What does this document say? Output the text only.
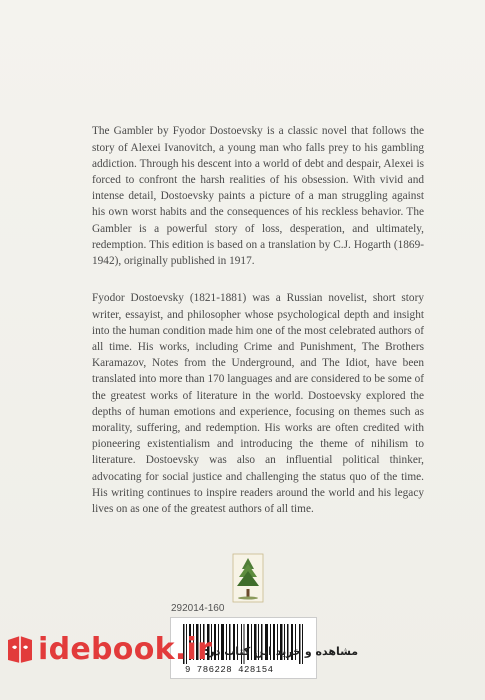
The Gambler by Fyodor Dostoevsky is a classic novel that follows the story of Alexei Ivanovitch, a young man who falls prey to his gambling addiction. Through his descent into a world of debt and despair, Alexei is forced to confront the harsh realities of his obsession. With vivid and intense detail, Dostoevsky paints a picture of a man struggling against his own worst habits and the consequences of his reckless behavior. The Gambler is a powerful story of loss, desperation, and ultimately, redemption. This edition is based on a translation by C.J. Hogarth (1869-1942), originally published in 1917.

Fyodor Dostoevsky (1821-1881) was a Russian novelist, short story writer, essayist, and philosopher whose psychological depth and insight into the human condition made him one of the most celebrated authors of all time. His works, including Crime and Punishment, The Brothers Karamazov, Notes from the Underground, and The Idiot, have been translated into more than 170 languages and are considered to be some of the greatest works of literature in the world. Dostoevsky explored the depths of human emotions and experience, focusing on themes such as morality, suffering, and redemption. His works are often credited with pioneering existentialism and introducing the theme of nihilism to literature. Dostoevsky was also an influential political thinker, advocating for social justice and challenging the status quo of the time. His writing continues to inspire readers around the world and his legacy lives on as one of the greatest authors of all time.

292014-160
9 786228 428154
idebook.ir
مشاهده و خرید این کتاب در:
